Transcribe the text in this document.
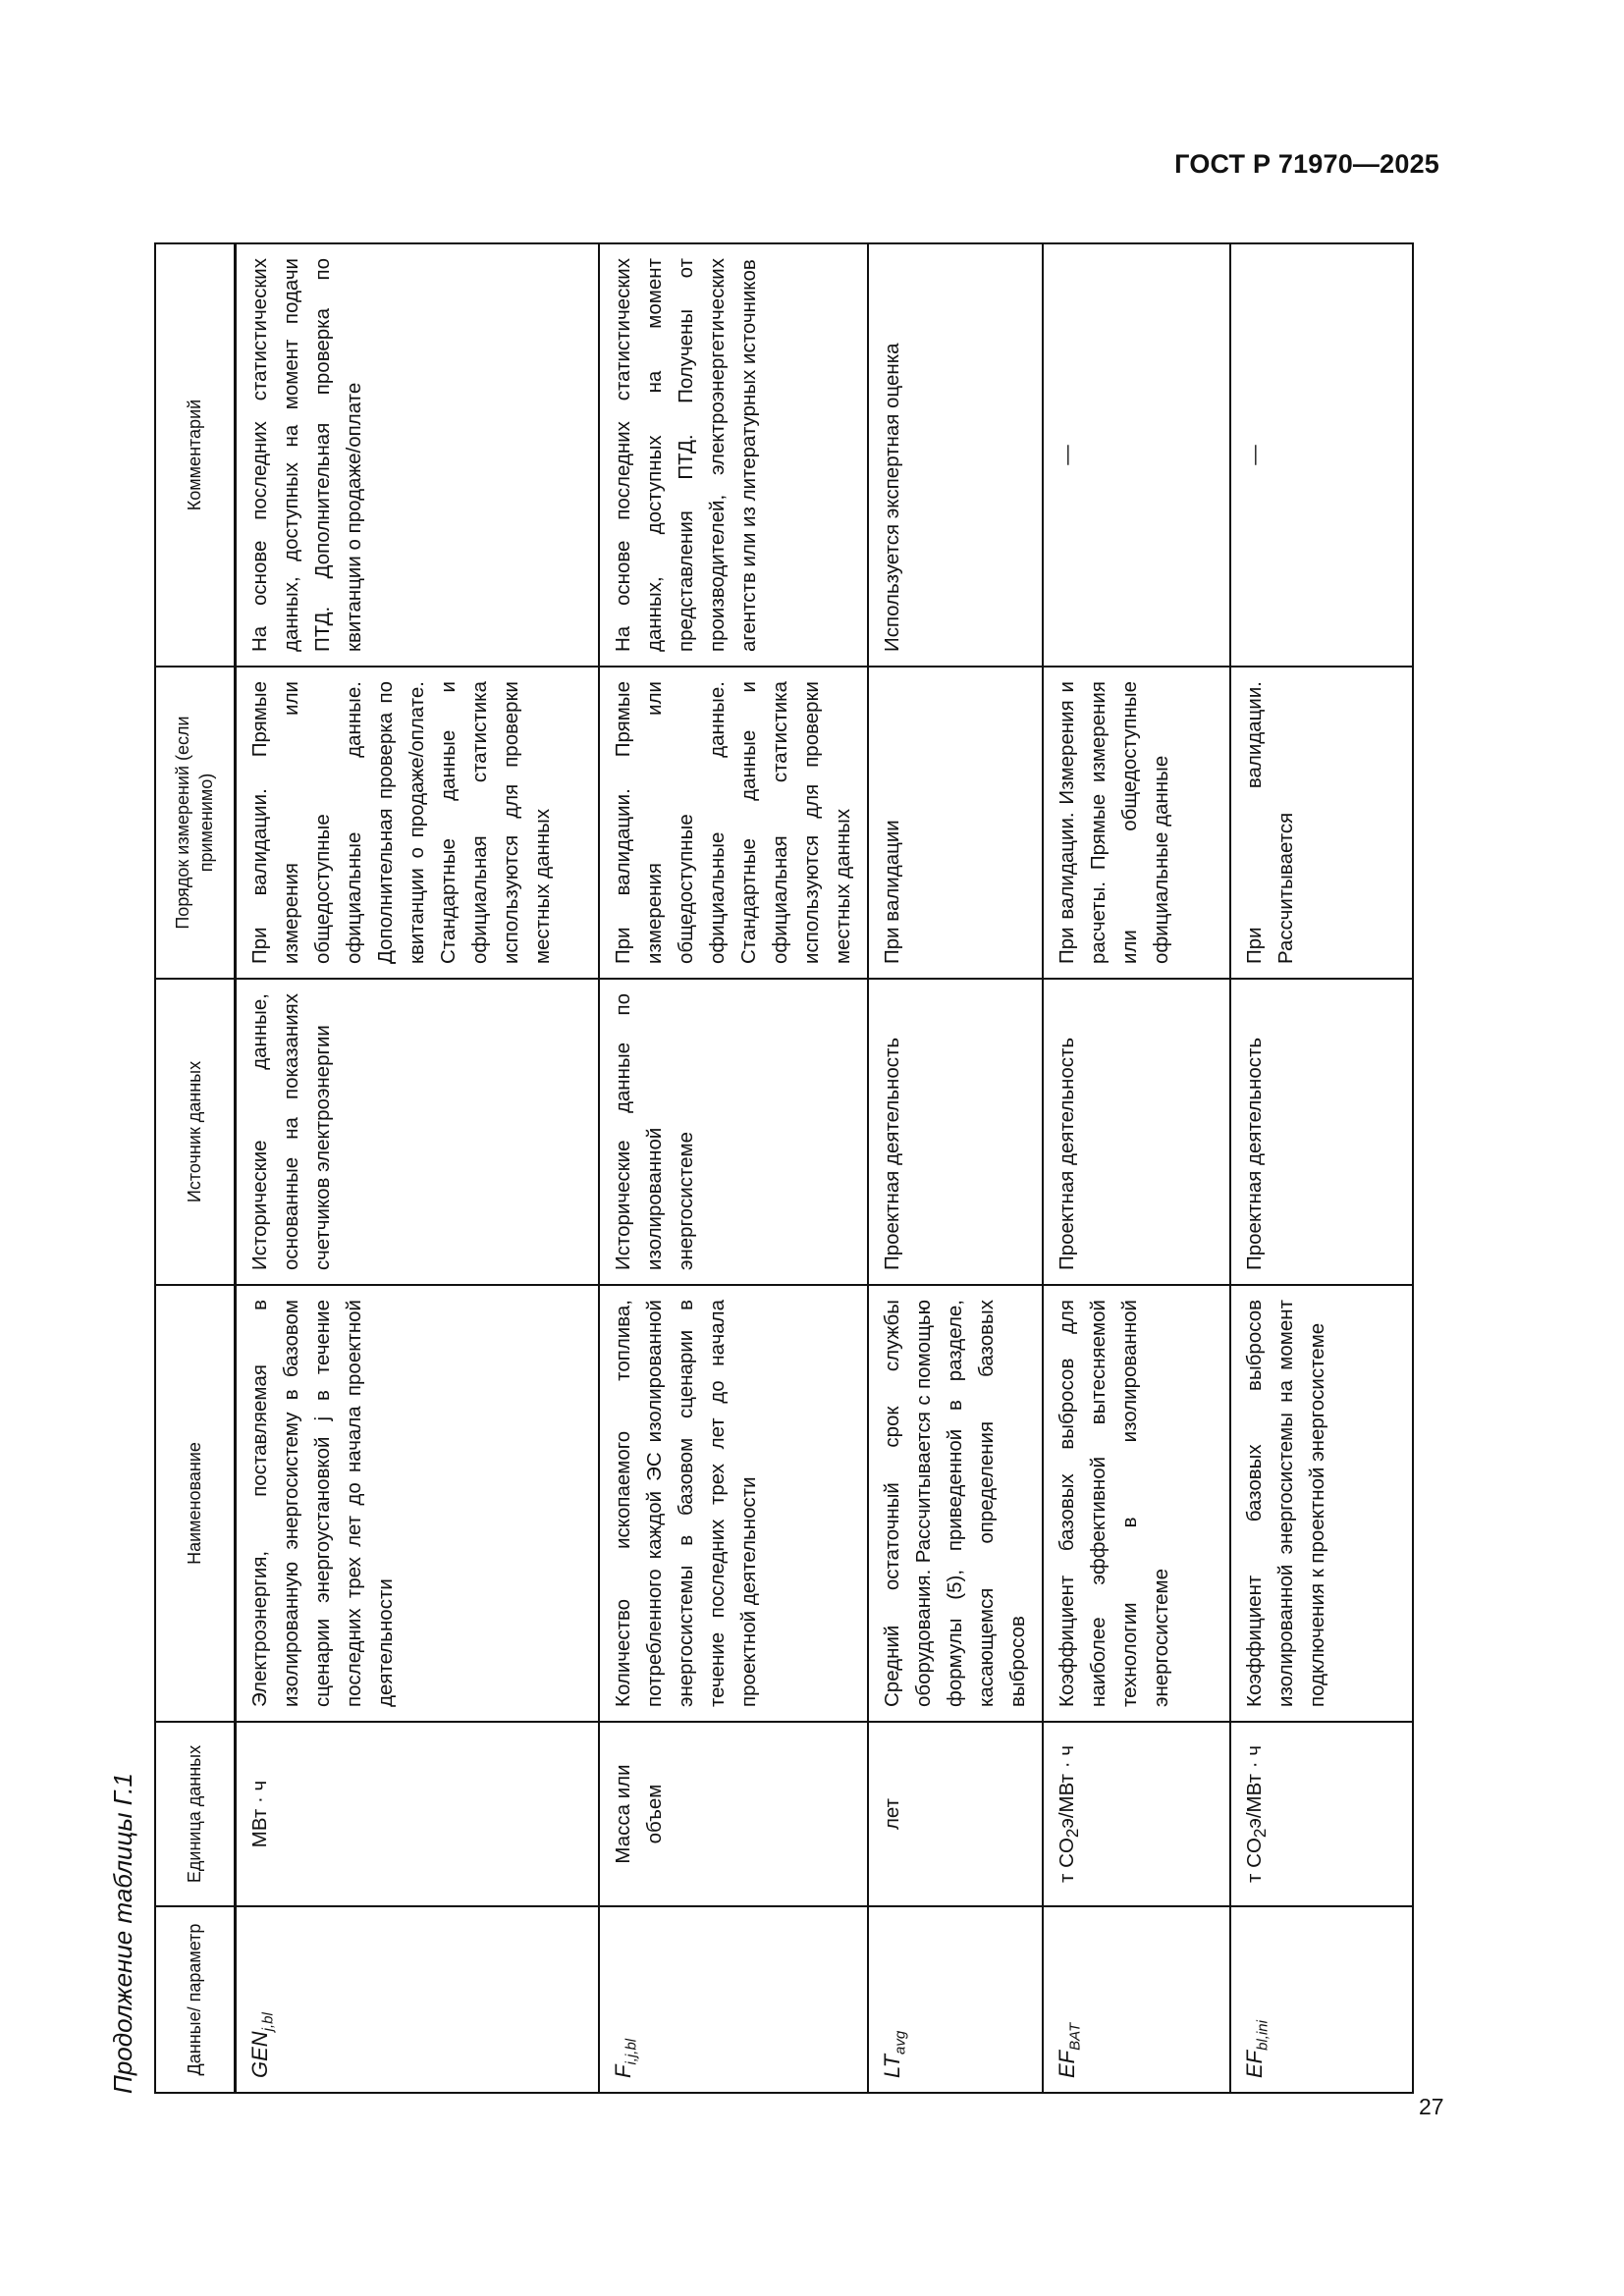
ГОСТ Р 71970—2025
27
Продолжение таблицы Г.1	Данные/ параметр	Единица данных	Наименование	Источник данных	Порядок измерений (если применимо)	Комментарий
$GEN_{j,bl}$	МВт · ч	Электроэнергия, поставляемая в изолированную энергосистему в базовом сценарии энергоустановкой j в течение последних трех лет до начала проектной деятельности	Исторические данные, основанные на показаниях счетчиков электроэнергии	При валидации. Прямые измерения или общедоступные официальные данные. Дополнительная проверка по квитанции о продаже/оплате. Стандартные данные и официальная статистика используются для проверки местных данных	На основе последних статистических данных, доступных на момент подачи ПТД. Дополнительная проверка по квитанции о продаже/оплате
$F_{i,j,bl}$	Масса или объем	Количество ископаемого топлива, потребленного каждой ЭС изолированной энергосистемы в базовом сценарии в течение последних трех лет до начала проектной деятельности	Исторические данные по изолированной энергосистеме	При валидации. Прямые измерения или общедоступные официальные данные. Стандартные данные и официальная статистика используются для проверки местных данных	На основе последних статистических данных, доступных на момент представления ПТД. Получены от производителей, электроэнергетических агентств или из литературных источников
$LT_{avg}$	лет	Средний остаточный срок службы оборудования. Рассчитывается с помощью формулы (5), приведенной в разделе, касающемся определения базовых выбросов	Проектная деятельность	При валидации	Используется экспертная оценка
$EF_{BAT}$	т $CO_2э$/МВт · ч	Коэффициент базовых выбросов для наиболее эффективной вытесняемой технологии в изолированной энергосистеме	Проектная деятельность	При валидации. Измерения и расчеты. Прямые измерения или общедоступные официальные данные	—
$EF_{bl,ini}$	т $CO_2э$/МВт · ч	Коэффициент базовых выбросов изолированной энергосистемы на момент подключения к проектной энергосистеме	Проектная деятельность	При валидации. Рассчитывается	—
